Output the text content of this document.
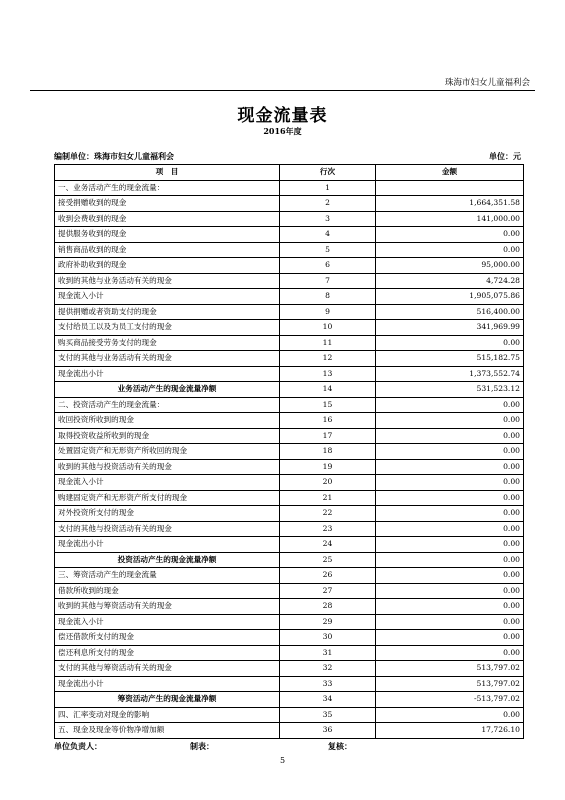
珠海市妇女儿童福利会
现金流量表
2016年度
编制单位：珠海市妇女儿童福利会	单位：元
项　目	行次	金额
一、业务活动产生的现金流量：	1	
接受捐赠收到的现金	2	1,664,351.58
收到会费收到的现金	3	141,000.00
提供服务收到的现金	4	0.00
销售商品收到的现金	5	0.00
政府补助收到的现金	6	95,000.00
收到的其他与业务活动有关的现金	7	4,724.28
现金流入小计	8	1,905,075.86
提供捐赠或者资助支付的现金	9	516,400.00
支付给员工以及为员工支付的现金	10	341,969.99
购买商品接受劳务支付的现金	11	0.00
支付的其他与业务活动有关的现金	12	515,182.75
现金流出小计	13	1,373,552.74
业务活动产生的现金流量净额	14	531,523.12
二、投资活动产生的现金流量：	15	0.00
收回投资所收到的现金	16	0.00
取得投资收益所收到的现金	17	0.00
处置固定资产和无形资产所收回的现金	18	0.00
收到的其他与投资活动有关的现金	19	0.00
现金流入小计	20	0.00
购建固定资产和无形资产所支付的现金	21	0.00
对外投资所支付的现金	22	0.00
支付的其他与投资活动有关的现金	23	0.00
现金流出小计	24	0.00
投资活动产生的现金流量净额	25	0.00
三、筹资活动产生的现金流量	26	0.00
借款所收到的现金	27	0.00
收到的其他与筹资活动有关的现金	28	0.00
现金流入小计	29	0.00
偿还借款所支付的现金	30	0.00
偿还利息所支付的现金	31	0.00
支付的其他与筹资活动有关的现金	32	513,797.02
现金流出小计	33	513,797.02
筹资活动产生的现金流量净额	34	-513,797.02
四、汇率变动对现金的影响	35	0.00
五、现金及现金等价物净增加额	36	17,726.10
单位负责人：	制表：	复核：
5
